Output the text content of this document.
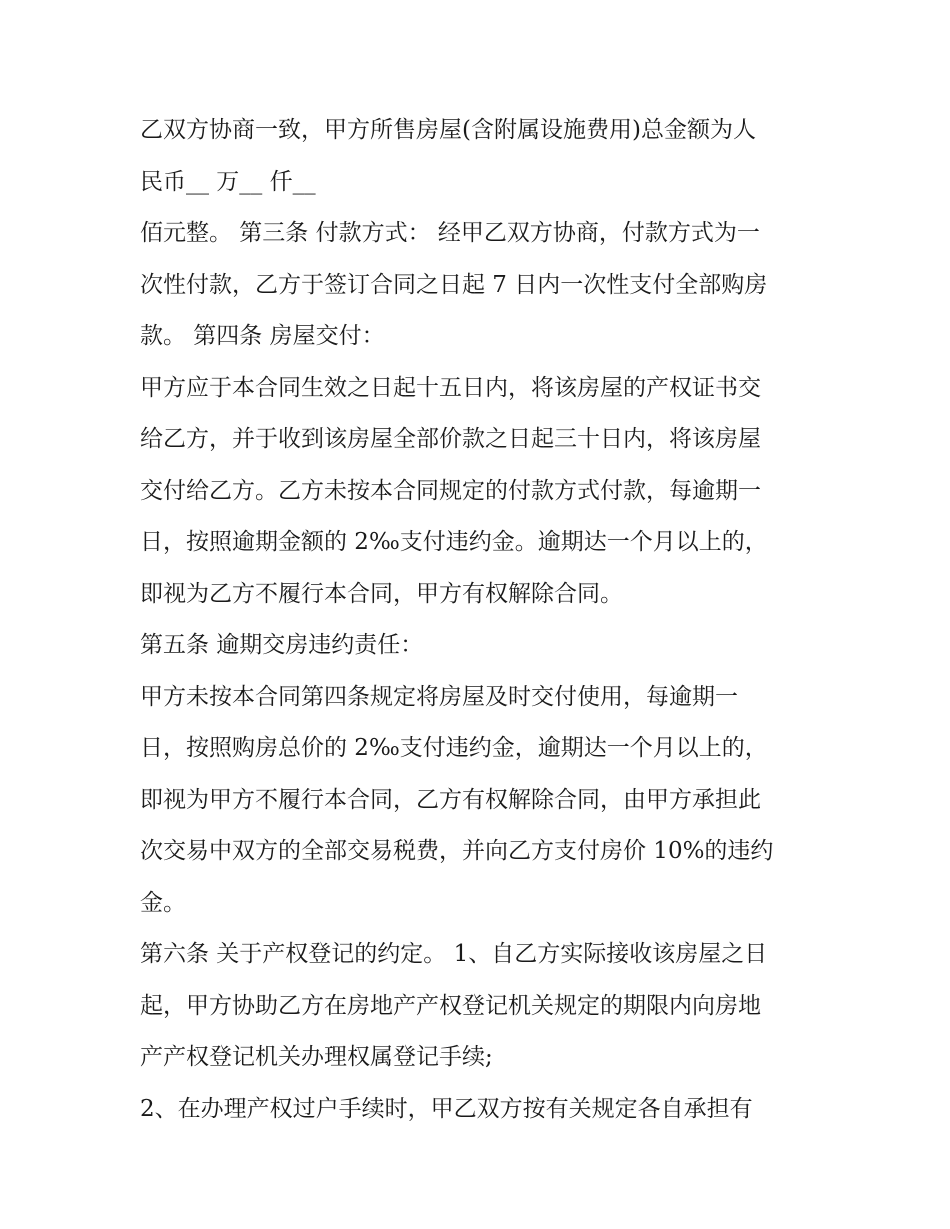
乙双方协商一致，甲方所售房屋(含附属设施费用)总金额为人
民币__ 万__ 仟__
佰元整。 第三条 付款方式： 经甲乙双方协商，付款方式为一
次性付款，乙方于签订合同之日起 7 日内一次性支付全部购房
款。 第四条 房屋交付：
甲方应于本合同生效之日起十五日内，将该房屋的产权证书交
给乙方，并于收到该房屋全部价款之日起三十日内，将该房屋
交付给乙方。乙方未按本合同规定的付款方式付款，每逾期一
日，按照逾期金额的 2‰支付违约金。逾期达一个月以上的，
即视为乙方不履行本合同，甲方有权解除合同。
第五条 逾期交房违约责任：
甲方未按本合同第四条规定将房屋及时交付使用，每逾期一
日，按照购房总价的 2‰支付违约金，逾期达一个月以上的，
即视为甲方不履行本合同，乙方有权解除合同，由甲方承担此
次交易中双方的全部交易税费，并向乙方支付房价 10%的违约
金。
第六条 关于产权登记的约定。 1、自乙方实际接收该房屋之日
起，甲方协助乙方在房地产产权登记机关规定的期限内向房地
产产权登记机关办理权属登记手续;
2、在办理产权过户手续时，甲乙双方按有关规定各自承担有
